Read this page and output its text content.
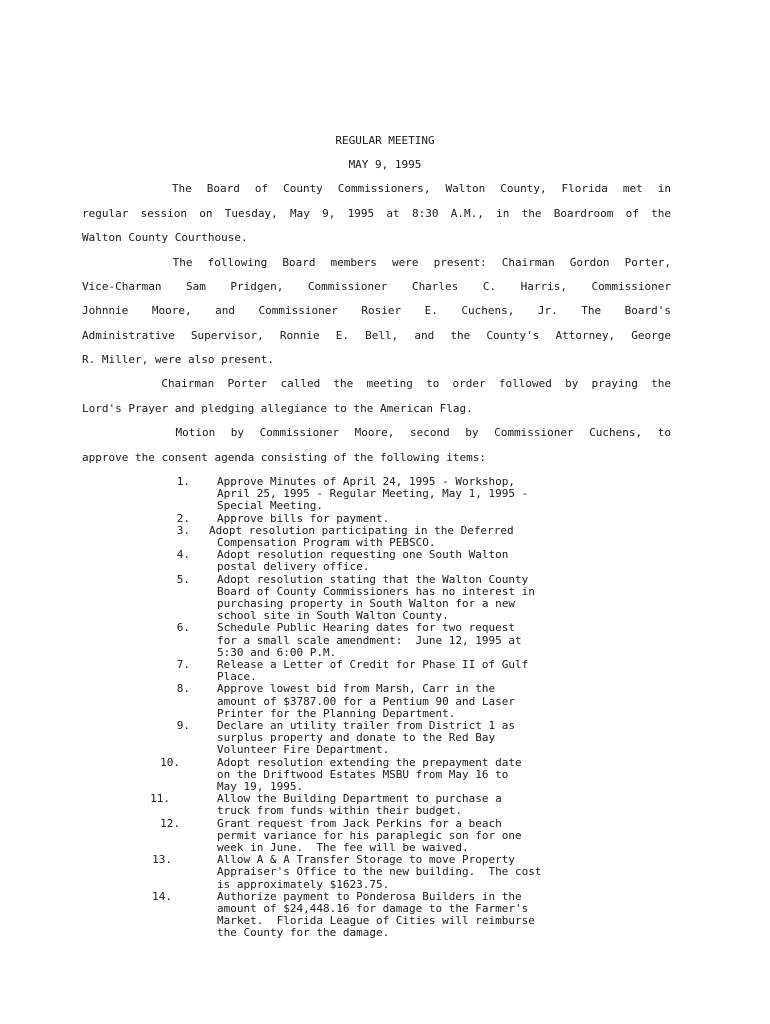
REGULAR MEETING
MAY 9, 1995
The Board of County Commissioners, Walton County, Florida met in
regular session on Tuesday, May 9, 1995 at 8:30 A.M., in the Boardroom of the
Walton County Courthouse.
The following Board members were present: Chairman Gordon Porter,
Vice-Charman Sam Pridgen, Commissioner Charles C. Harris, Commissioner
Johnnie Moore, and Commissioner Rosier E. Cuchens, Jr. The Board's
Administrative Supervisor, Ronnie E. Bell, and the County's Attorney, George
R. Miller, were also present.
Chairman Porter called the meeting to order followed by praying the
Lord's Prayer and pledging allegiance to the American Flag.
Motion by Commissioner Moore, second by Commissioner Cuchens, to
approve the consent agenda consisting of the following items:
1. Approve Minutes of April 24, 1995 - Workshop,
April 25, 1995 - Regular Meeting, May 1, 1995 -
Special Meeting.
2. Approve bills for payment.
3. Adopt resolution participating in the Deferred
Compensation Program with PEBSCO.
4. Adopt resolution requesting one South Walton
postal delivery office.
5. Adopt resolution stating that the Walton County
Board of County Commissioners has no interest in
purchasing property in South Walton for a new
school site in South Walton County.
6. Schedule Public Hearing dates for two request
for a small scale amendment:  June 12, 1995 at
5:30 and 6:00 P.M.
7. Release a Letter of Credit for Phase II of Gulf
Place.
8. Approve lowest bid from Marsh, Carr in the
amount of $3787.00 for a Pentium 90 and Laser
Printer for the Planning Department.
9. Declare an utility trailer from District 1 as
surplus property and donate to the Red Bay
Volunteer Fire Department.
10.	Adopt resolution extending the prepayment date
on the Driftwood Estates MSBU from May 16 to
May 19, 1995.
11.	Allow the Building Department to purchase a
truck from funds within their budget.
12.	Grant request from Jack Perkins for a beach
permit variance for his paraplegic son for one
week in June.  The fee will be waived.
13.	Allow A & A Transfer Storage to move Property
Appraiser's Office to the new building.  The cost
is approximately $1623.75.
14.	Authorize payment to Ponderosa Builders in the
amount of $24,448.16 for damage to the Farmer's
Market.  Florida League of Cities will reimburse
the County for the damage.
